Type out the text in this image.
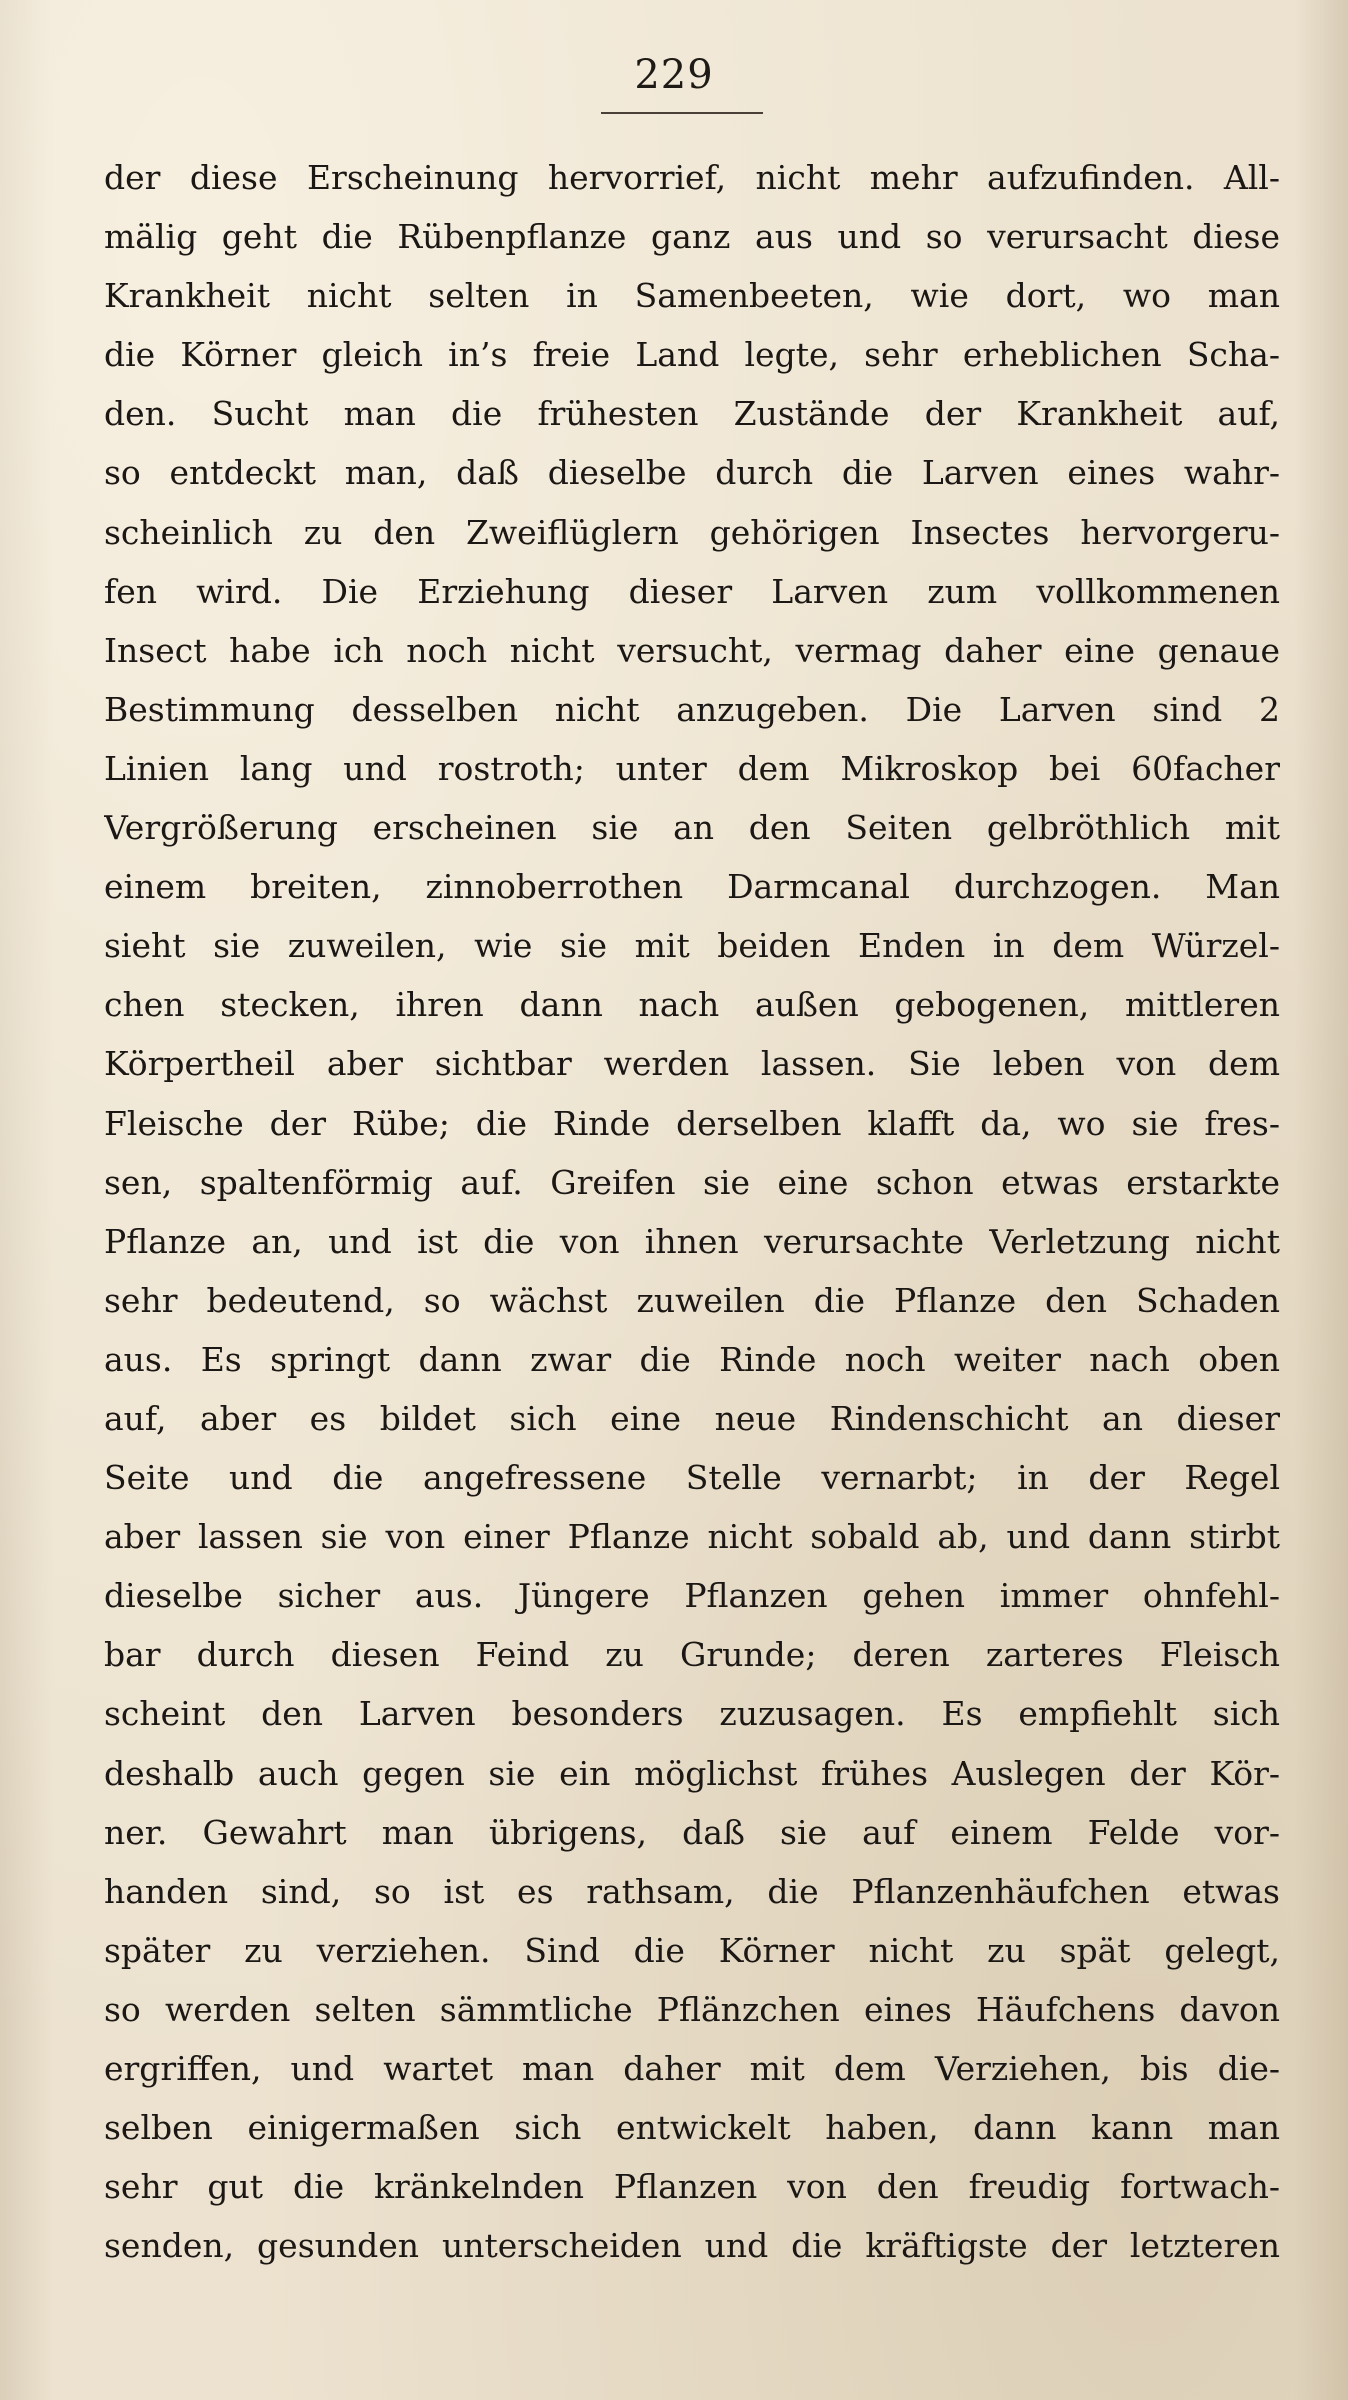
229
der diese Erscheinung hervorrief, nicht mehr aufzufinden. All-
mälig geht die Rübenpflanze ganz aus und so verursacht diese
Krankheit nicht selten in Samenbeeten, wie dort, wo man
die Körner gleich in’s freie Land legte, sehr erheblichen Scha-
den. Sucht man die frühesten Zustände der Krankheit auf,
so entdeckt man, daß dieselbe durch die Larven eines wahr-
scheinlich zu den Zweiflüglern gehörigen Insectes hervorgeru-
fen wird. Die Erziehung dieser Larven zum vollkommenen
Insect habe ich noch nicht versucht, vermag daher eine genaue
Bestimmung desselben nicht anzugeben. Die Larven sind 2
Linien lang und rostroth; unter dem Mikroskop bei 60facher
Vergrößerung erscheinen sie an den Seiten gelbröthlich mit
einem breiten, zinnoberrothen Darmcanal durchzogen. Man
sieht sie zuweilen, wie sie mit beiden Enden in dem Würzel-
chen stecken, ihren dann nach außen gebogenen, mittleren
Körpertheil aber sichtbar werden lassen. Sie leben von dem
Fleische der Rübe; die Rinde derselben klafft da, wo sie fres-
sen, spaltenförmig auf. Greifen sie eine schon etwas erstarkte
Pflanze an, und ist die von ihnen verursachte Verletzung nicht
sehr bedeutend, so wächst zuweilen die Pflanze den Schaden
aus. Es springt dann zwar die Rinde noch weiter nach oben
auf, aber es bildet sich eine neue Rindenschicht an dieser
Seite und die angefressene Stelle vernarbt; in der Regel
aber lassen sie von einer Pflanze nicht sobald ab, und dann stirbt
dieselbe sicher aus. Jüngere Pflanzen gehen immer ohnfehl-
bar durch diesen Feind zu Grunde; deren zarteres Fleisch
scheint den Larven besonders zuzusagen. Es empfiehlt sich
deshalb auch gegen sie ein möglichst frühes Auslegen der Kör-
ner. Gewahrt man übrigens, daß sie auf einem Felde vor-
handen sind, so ist es rathsam, die Pflanzenhäufchen etwas
später zu verziehen. Sind die Körner nicht zu spät gelegt,
so werden selten sämmtliche Pflänzchen eines Häufchens davon
ergriffen, und wartet man daher mit dem Verziehen, bis die-
selben einigermaßen sich entwickelt haben, dann kann man
sehr gut die kränkelnden Pflanzen von den freudig fortwach-
senden, gesunden unterscheiden und die kräftigste der letzteren
